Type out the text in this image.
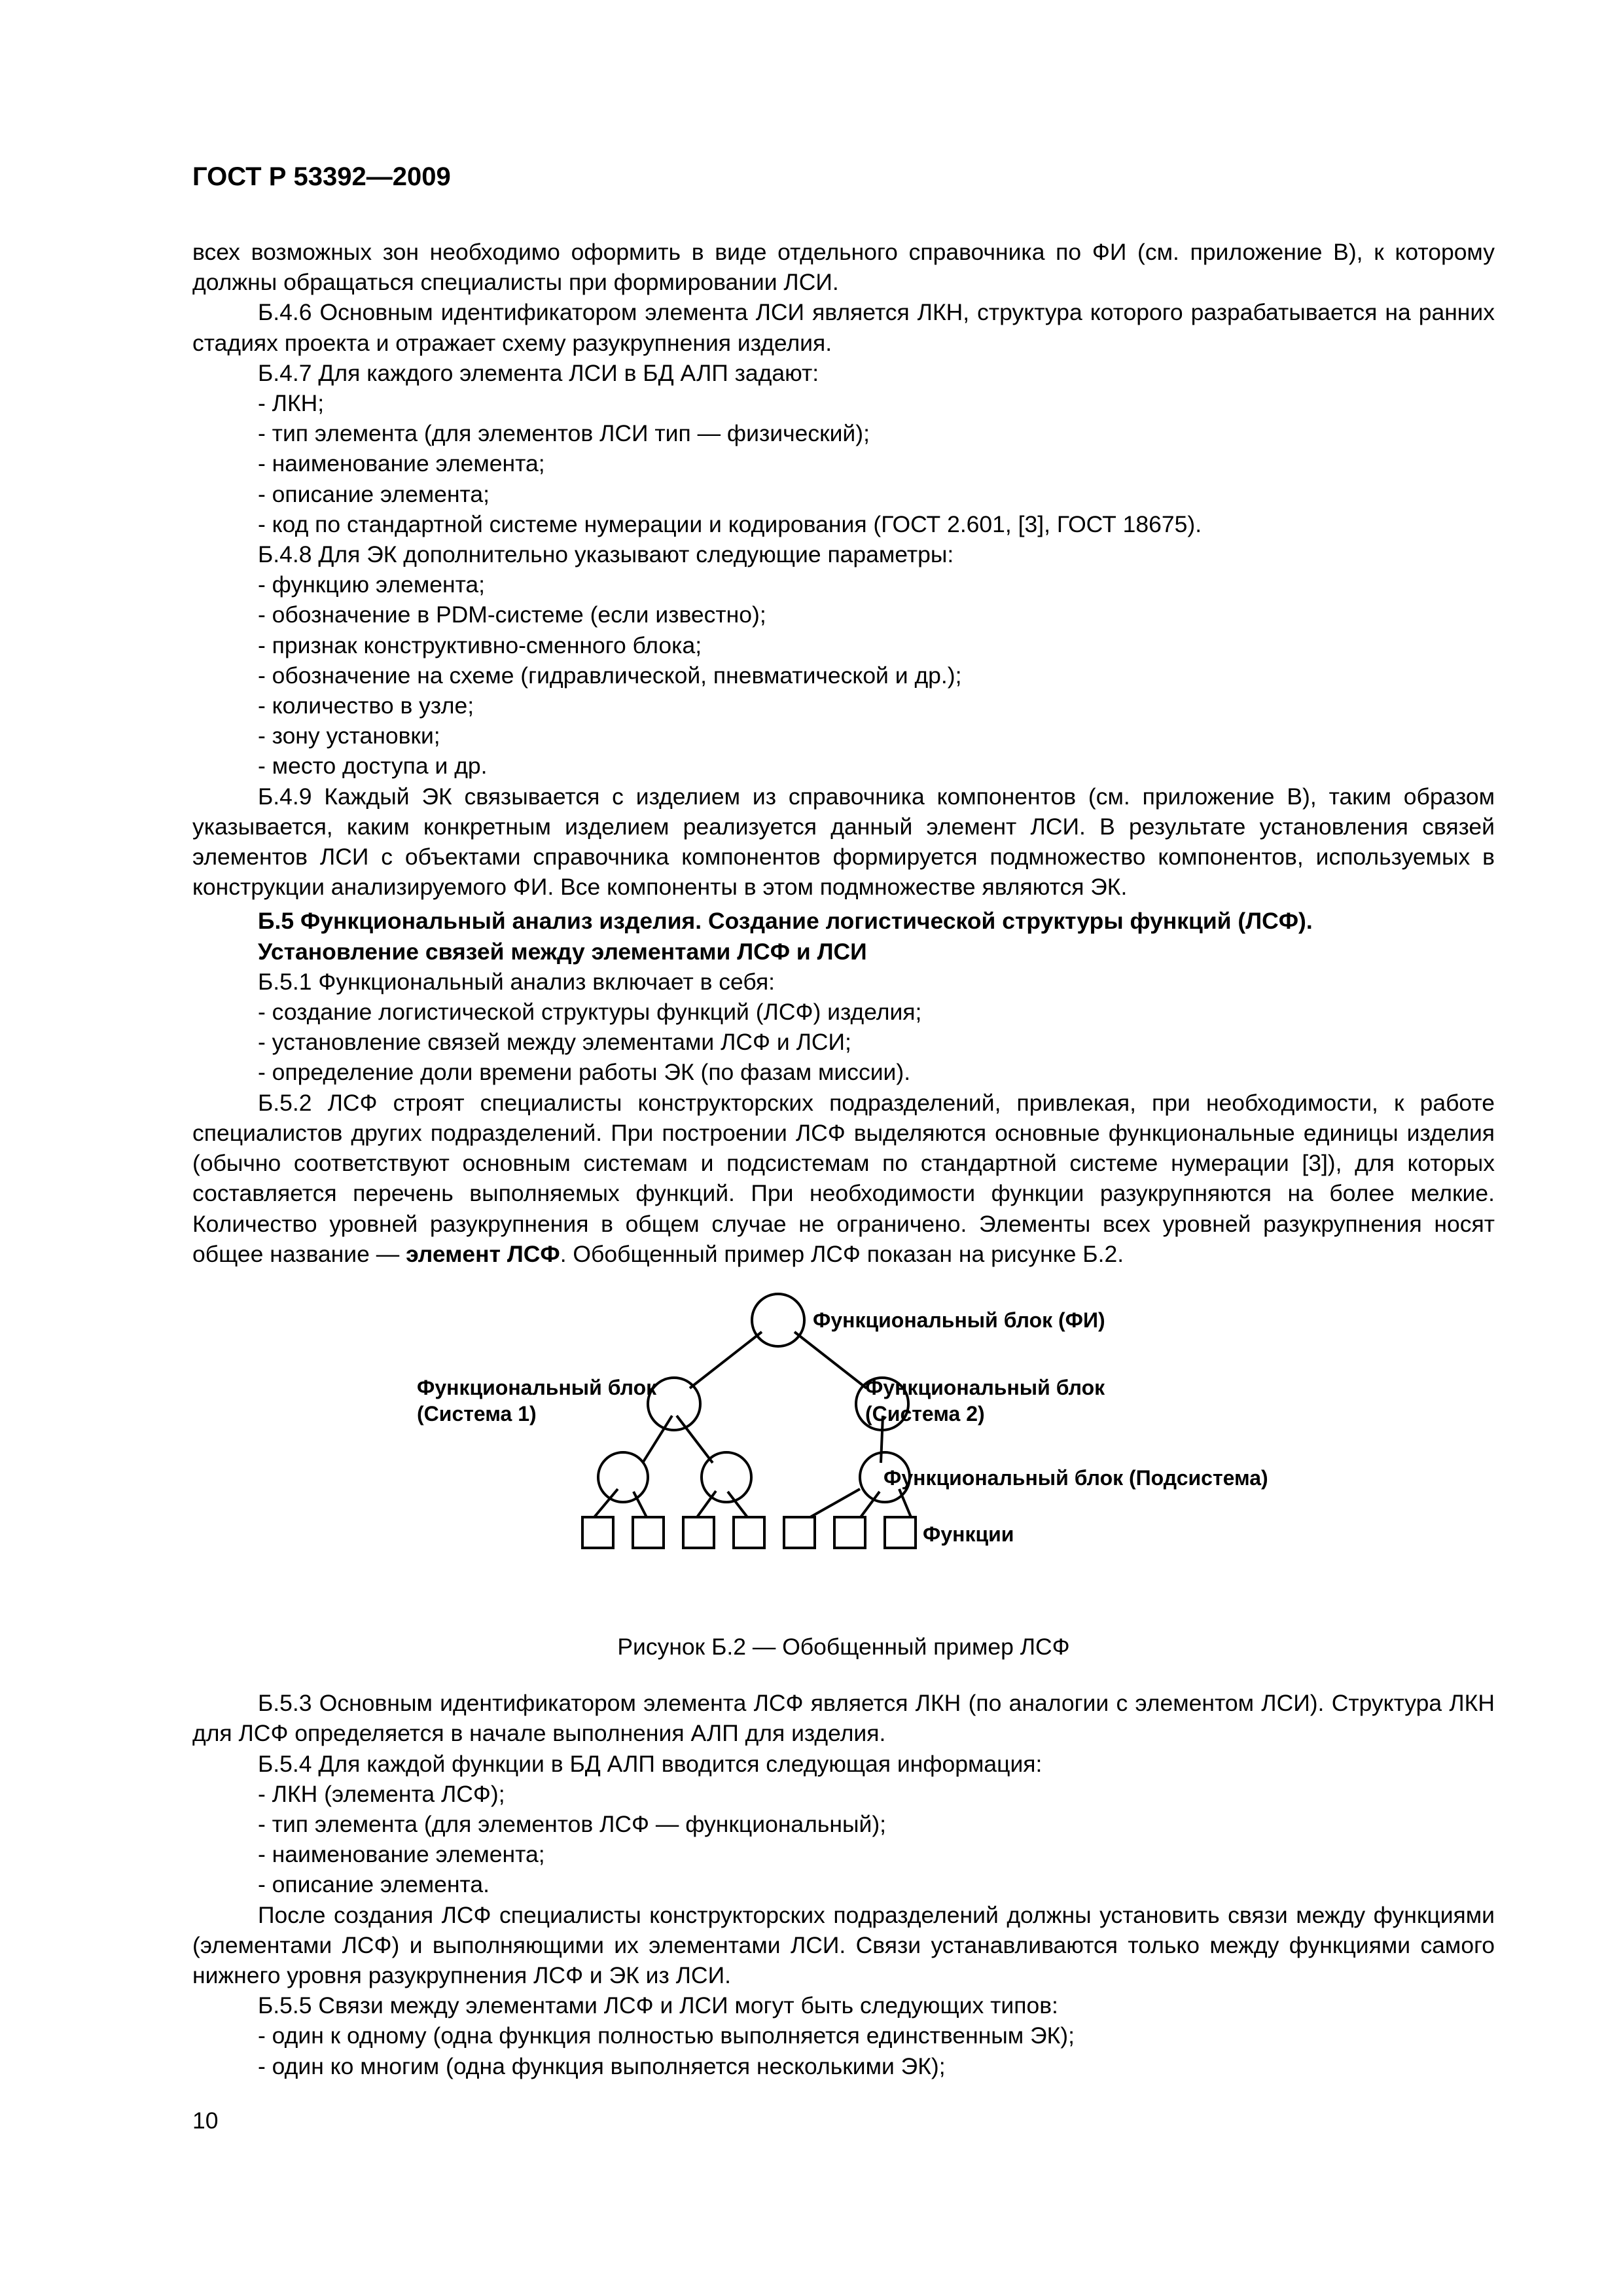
ГОСТ Р 53392—2009

всех возможных зон необходимо оформить в виде отдельного справочника по ФИ (см. приложение В), к которому должны обращаться специалисты при формировании ЛСИ.

Б.4.6 Основным идентификатором элемента ЛСИ является ЛКН, структура которого разрабатывается на ранних стадиях проекта и отражает схему разукрупнения изделия.

Б.4.7 Для каждого элемента ЛСИ в БД АЛП задают:

- ЛКН;

- тип элемента (для элементов ЛСИ тип — физический);

- наименование элемента;

- описание элемента;

- код по стандартной системе нумерации и кодирования (ГОСТ 2.601, [3], ГОСТ 18675).

Б.4.8 Для ЭК дополнительно указывают следующие параметры:

- функцию элемента;

- обозначение в PDM-системе (если известно);

- признак конструктивно-сменного блока;

- обозначение на схеме (гидравлической, пневматической и др.);

- количество в узле;

- зону установки;

- место доступа и др.

Б.4.9 Каждый ЭК связывается с изделием из справочника компонентов (см. приложение В), таким образом указывается, каким конкретным изделием реализуется данный элемент ЛСИ. В результате установления связей элементов ЛСИ с объектами справочника компонентов формируется подмножество компонентов, используемых в конструкции анализируемого ФИ. Все компоненты в этом подмножестве являются ЭК.

Б.5 Функциональный анализ изделия. Создание логистической структуры функций (ЛСФ).

Установление связей между элементами ЛСФ и ЛСИ

Б.5.1 Функциональный анализ включает в себя:

- создание логистической структуры функций (ЛСФ) изделия;

- установление связей между элементами ЛСФ и ЛСИ;

- определение доли времени работы ЭК (по фазам миссии).

Б.5.2 ЛСФ строят специалисты конструкторских подразделений, привлекая, при необходимости, к работе специалистов других подразделений. При построении ЛСФ выделяются основные функциональные единицы изделия (обычно соответствуют основным системам и подсистемам по стандартной системе нумерации [3]), для которых составляется перечень выполняемых функций. При необходимости функции разукрупняются на более мелкие. Количество уровней разукрупнения в общем случае не ограничено. Элементы всех уровней разукрупнения носят общее название — элемент ЛСФ. Обобщенный пример ЛСФ показан на рисунке Б.2.

Функциональный блок (ФИ)
Функциональный блок
(Система 1)
Функциональный блок
(Система 2)
Функциональный блок (Подсистема)
Функции

Рисунок Б.2 — Обобщенный пример ЛСФ

Б.5.3 Основным идентификатором элемента ЛСФ является ЛКН (по аналогии с элементом ЛСИ). Структура ЛКН для ЛСФ определяется в начале выполнения АЛП для изделия.

Б.5.4 Для каждой функции в БД АЛП вводится следующая информация:

- ЛКН (элемента ЛСФ);

- тип элемента (для элементов ЛСФ — функциональный);

- наименование элемента;

- описание элемента.

После создания ЛСФ специалисты конструкторских подразделений должны установить связи между функциями (элементами ЛСФ) и выполняющими их элементами ЛСИ. Связи устанавливаются только между функциями самого нижнего уровня разукрупнения ЛСФ и ЭК из ЛСИ.

Б.5.5 Связи между элементами ЛСФ и ЛСИ могут быть следующих типов:

- один к одному (одна функция полностью выполняется единственным ЭК);

- один ко многим (одна функция выполняется несколькими ЭК);

10
